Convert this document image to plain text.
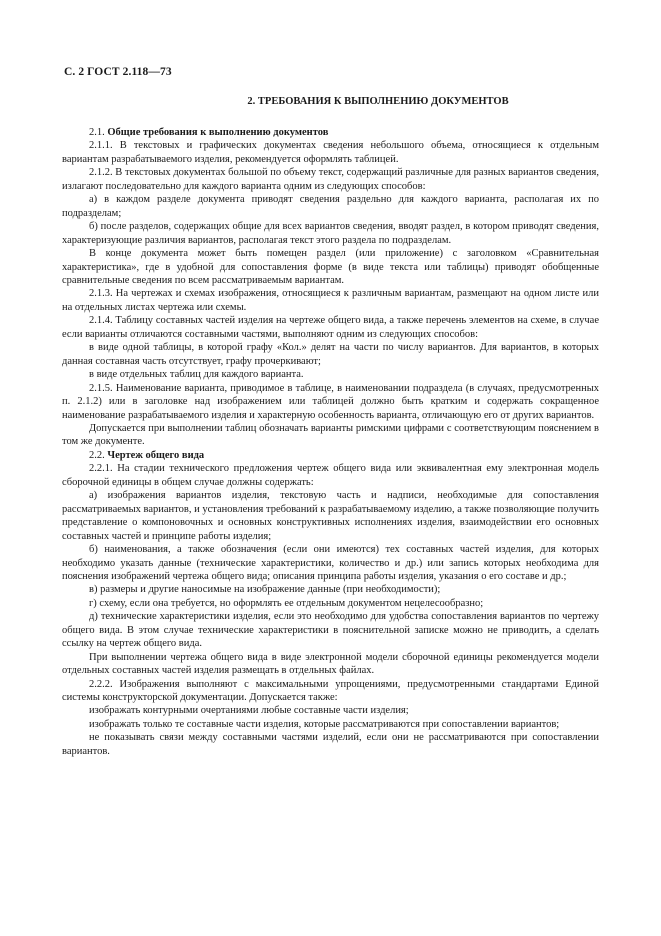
С. 2 ГОСТ 2.118—73
2. ТРЕБОВАНИЯ К ВЫПОЛНЕНИЮ ДОКУМЕНТОВ

2.1. Общие требования к выполнению документов

2.1.1. В текстовых и графических документах сведения небольшого объема, относящиеся к отдельным вариантам разрабатываемого изделия, рекомендуется оформлять таблицей.

2.1.2. В текстовых документах большой по объему текст, содержащий различные для разных вариантов сведения, излагают последовательно для каждого варианта одним из следующих способов:

а) в каждом разделе документа приводят сведения раздельно для каждого варианта, располагая их по подразделам;

б) после разделов, содержащих общие для всех вариантов сведения, вводят раздел, в котором приводят сведения, характеризующие различия вариантов, располагая текст этого раздела по подразделам.

В конце документа может быть помещен раздел (или приложение) с заголовком «Сравнительная характеристика», где в удобной для сопоставления форме (в виде текста или таблицы) приводят обобщенные сравнительные сведения по всем рассматриваемым вариантам.

2.1.3. На чертежах и схемах изображения, относящиеся к различным вариантам, размещают на одном листе или на отдельных листах чертежа или схемы.

2.1.4. Таблицу составных частей изделия на чертеже общего вида, а также перечень элементов на схеме, в случае если варианты отличаются составными частями, выполняют одним из следующих способов:

в виде одной таблицы, в которой графу «Кол.» делят на части по числу вариантов. Для вариантов, в которых данная составная часть отсутствует, графу прочеркивают;

в виде отдельных таблиц для каждого варианта.

2.1.5. Наименование варианта, приводимое в таблице, в наименовании подраздела (в случаях, предусмотренных п. 2.1.2) или в заголовке над изображением или таблицей должно быть кратким и содержать сокращенное наименование разрабатываемого изделия и характерную особенность варианта, отличающую его от других вариантов.

Допускается при выполнении таблиц обозначать варианты римскими цифрами с соответствующим пояснением в том же документе.

2.2. Чертеж общего вида

2.2.1. На стадии технического предложения чертеж общего вида или эквивалентная ему электронная модель сборочной единицы в общем случае должны содержать:

а) изображения вариантов изделия, текстовую часть и надписи, необходимые для сопоставления рассматриваемых вариантов, и установления требований к разрабатываемому изделию, а также позволяющие получить представление о компоновочных и основных конструктивных исполнениях изделия, взаимодействии его основных составных частей и принципе работы изделия;

б) наименования, а также обозначения (если они имеются) тех составных частей изделия, для которых необходимо указать данные (технические характеристики, количество и др.) или запись которых необходима для пояснения изображений чертежа общего вида; описания принципа работы изделия, указания о его составе и др.;

в) размеры и другие наносимые на изображение данные (при необходимости);

г) схему, если она требуется, но оформлять ее отдельным документом нецелесообразно;

д) технические характеристики изделия, если это необходимо для удобства сопоставления вариантов по чертежу общего вида. В этом случае технические характеристики в пояснительной записке можно не приводить, а сделать ссылку на чертеж общего вида.

При выполнении чертежа общего вида в виде электронной модели сборочной единицы рекомендуется модели отдельных составных частей изделия размещать в отдельных файлах.

2.2.2. Изображения выполняют с максимальными упрощениями, предусмотренными стандартами Единой системы конструкторской документации. Допускается также:

изображать контурными очертаниями любые составные части изделия;

изображать только те составные части изделия, которые рассматриваются при сопоставлении вариантов;

не показывать связи между составными частями изделий, если они не рассматриваются при сопоставлении вариантов.
